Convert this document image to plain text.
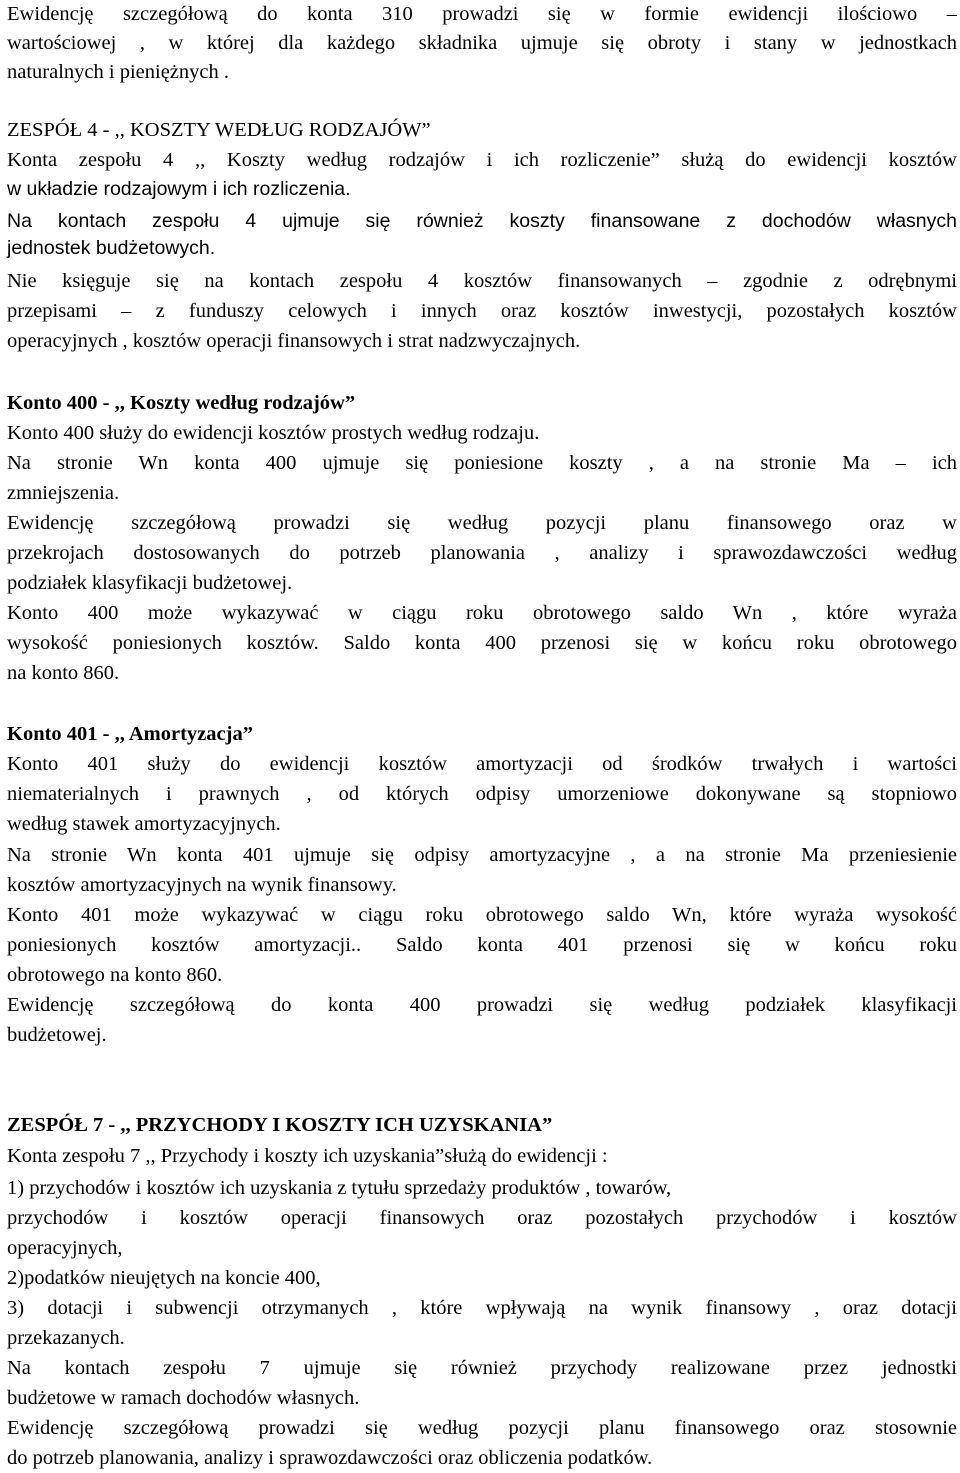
Ewidencję szczegółową do konta 310 prowadzi się w formie ewidencji ilościowo –
wartościowej , w której dla każdego składnika ujmuje się obroty i stany w jednostkach
naturalnych i pieniężnych .
ZESPÓŁ 4 - ,, KOSZTY WEDŁUG RODZAJÓW”
Konta zespołu 4 ,, Koszty według rodzajów i ich rozliczenie” służą do ewidencji kosztów
w układzie rodzajowym i ich rozliczenia.
Na kontach zespołu 4 ujmuje się również koszty finansowane z dochodów własnych
jednostek budżetowych.
Nie księguje się na kontach zespołu 4 kosztów finansowanych – zgodnie z odrębnymi
przepisami – z funduszy celowych i innych oraz kosztów inwestycji, pozostałych kosztów
operacyjnych , kosztów operacji finansowych i strat nadzwyczajnych.
Konto 400 - ,, Koszty według rodzajów”
Konto 400 służy do ewidencji kosztów prostych według rodzaju.
Na stronie Wn konta 400 ujmuje się poniesione koszty , a na stronie Ma – ich
zmniejszenia.
Ewidencję szczegółową prowadzi się według pozycji planu finansowego oraz w
przekrojach dostosowanych do potrzeb planowania , analizy i sprawozdawczości według
podziałek klasyfikacji budżetowej.
Konto 400 może wykazywać w ciągu roku obrotowego saldo Wn , które wyraża
wysokość poniesionych kosztów. Saldo konta 400 przenosi się w końcu roku obrotowego
na konto 860.
Konto 401 - ,, Amortyzacja”
Konto 401 służy do ewidencji kosztów amortyzacji od środków trwałych i wartości
niematerialnych i prawnych , od których odpisy umorzeniowe dokonywane są stopniowo
według stawek amortyzacyjnych.
Na stronie Wn konta 401 ujmuje się odpisy amortyzacyjne , a na stronie Ma przeniesienie
kosztów amortyzacyjnych na wynik finansowy.
Konto 401 może wykazywać w ciągu roku obrotowego saldo Wn, które wyraża wysokość
poniesionych kosztów amortyzacji.. Saldo konta 401 przenosi się w końcu roku
obrotowego na konto 860.
Ewidencję szczegółową do konta 400 prowadzi się według podziałek klasyfikacji
budżetowej.
ZESPÓŁ 7 - ,, PRZYCHODY I KOSZTY ICH UZYSKANIA”
Konta zespołu 7 ,, Przychody i koszty ich uzyskania”służą do ewidencji :
1) przychodów i kosztów ich uzyskania z tytułu sprzedaży produktów , towarów,
przychodów i kosztów operacji finansowych oraz pozostałych przychodów i kosztów
operacyjnych,
2)podatków nieujętych na koncie 400,
3) dotacji i subwencji otrzymanych , które wpływają na wynik finansowy , oraz dotacji
przekazanych.
Na kontach zespołu 7 ujmuje się również przychody realizowane przez jednostki
budżetowe w ramach dochodów własnych.
Ewidencję szczegółową prowadzi się według pozycji planu finansowego oraz stosownie
do potrzeb planowania, analizy i sprawozdawczości oraz obliczenia podatków.
